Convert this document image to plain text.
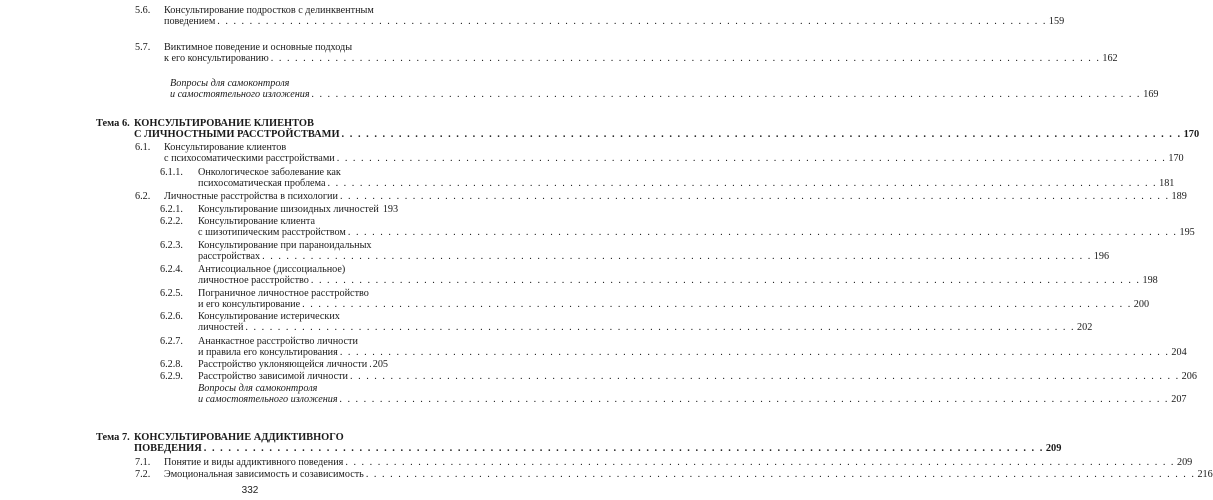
5.6. Консультирование подростков с делинквентным
поведением . . .	159
5.7. Виктимное поведение и основные подходы
к его консультированию . . .	162
Вопросы для самоконтроля
и самостоятельного изложения . . .	169
Тема 6. КОНСУЛЬТИРОВАНИЕ КЛИЕНТОВ
С ЛИЧНОСТНЫМИ РАССТРОЙСТВАМИ . . .	170
6.1. Консультирование клиентов
с психосоматическими расстройствами . . .	170
6.1.1. Онкологическое заболевание как
психосоматическая проблема . . .	181
6.2. Личностные расстройства в психологии . . .	189
6.2.1. Консультирование шизоидных личностей 193
6.2.2. Консультирование клиента
с шизотипическим расстройством . . .	195
6.2.3. Консультирование при параноидальных
расстройствах . . .	196
6.2.4. Антисоциальное (диссоциальное)
личностное расстройство . . .	198
6.2.5. Пограничное личностное расстройство
и его консультирование . . .	200
6.2.6. Консультирование истерических
личностей . . .	202
6.2.7. Ананкастное расстройство личности
и правила его консультирования . . .	204
6.2.8. Расстройство уклоняющейся личности . . . 205
6.2.9. Расстройство зависимой личности . . .	206
Вопросы для самоконтроля
и самостоятельного изложения . . .	207
Тема 7. КОНСУЛЬТИРОВАНИЕ АДДИКТИВНОГО
ПОВЕДЕНИЯ . . .	209
7.1. Понятие и виды аддиктивного поведения . . .	209
7.2. Эмоциональная зависимость и созависимость . . .	216
332
